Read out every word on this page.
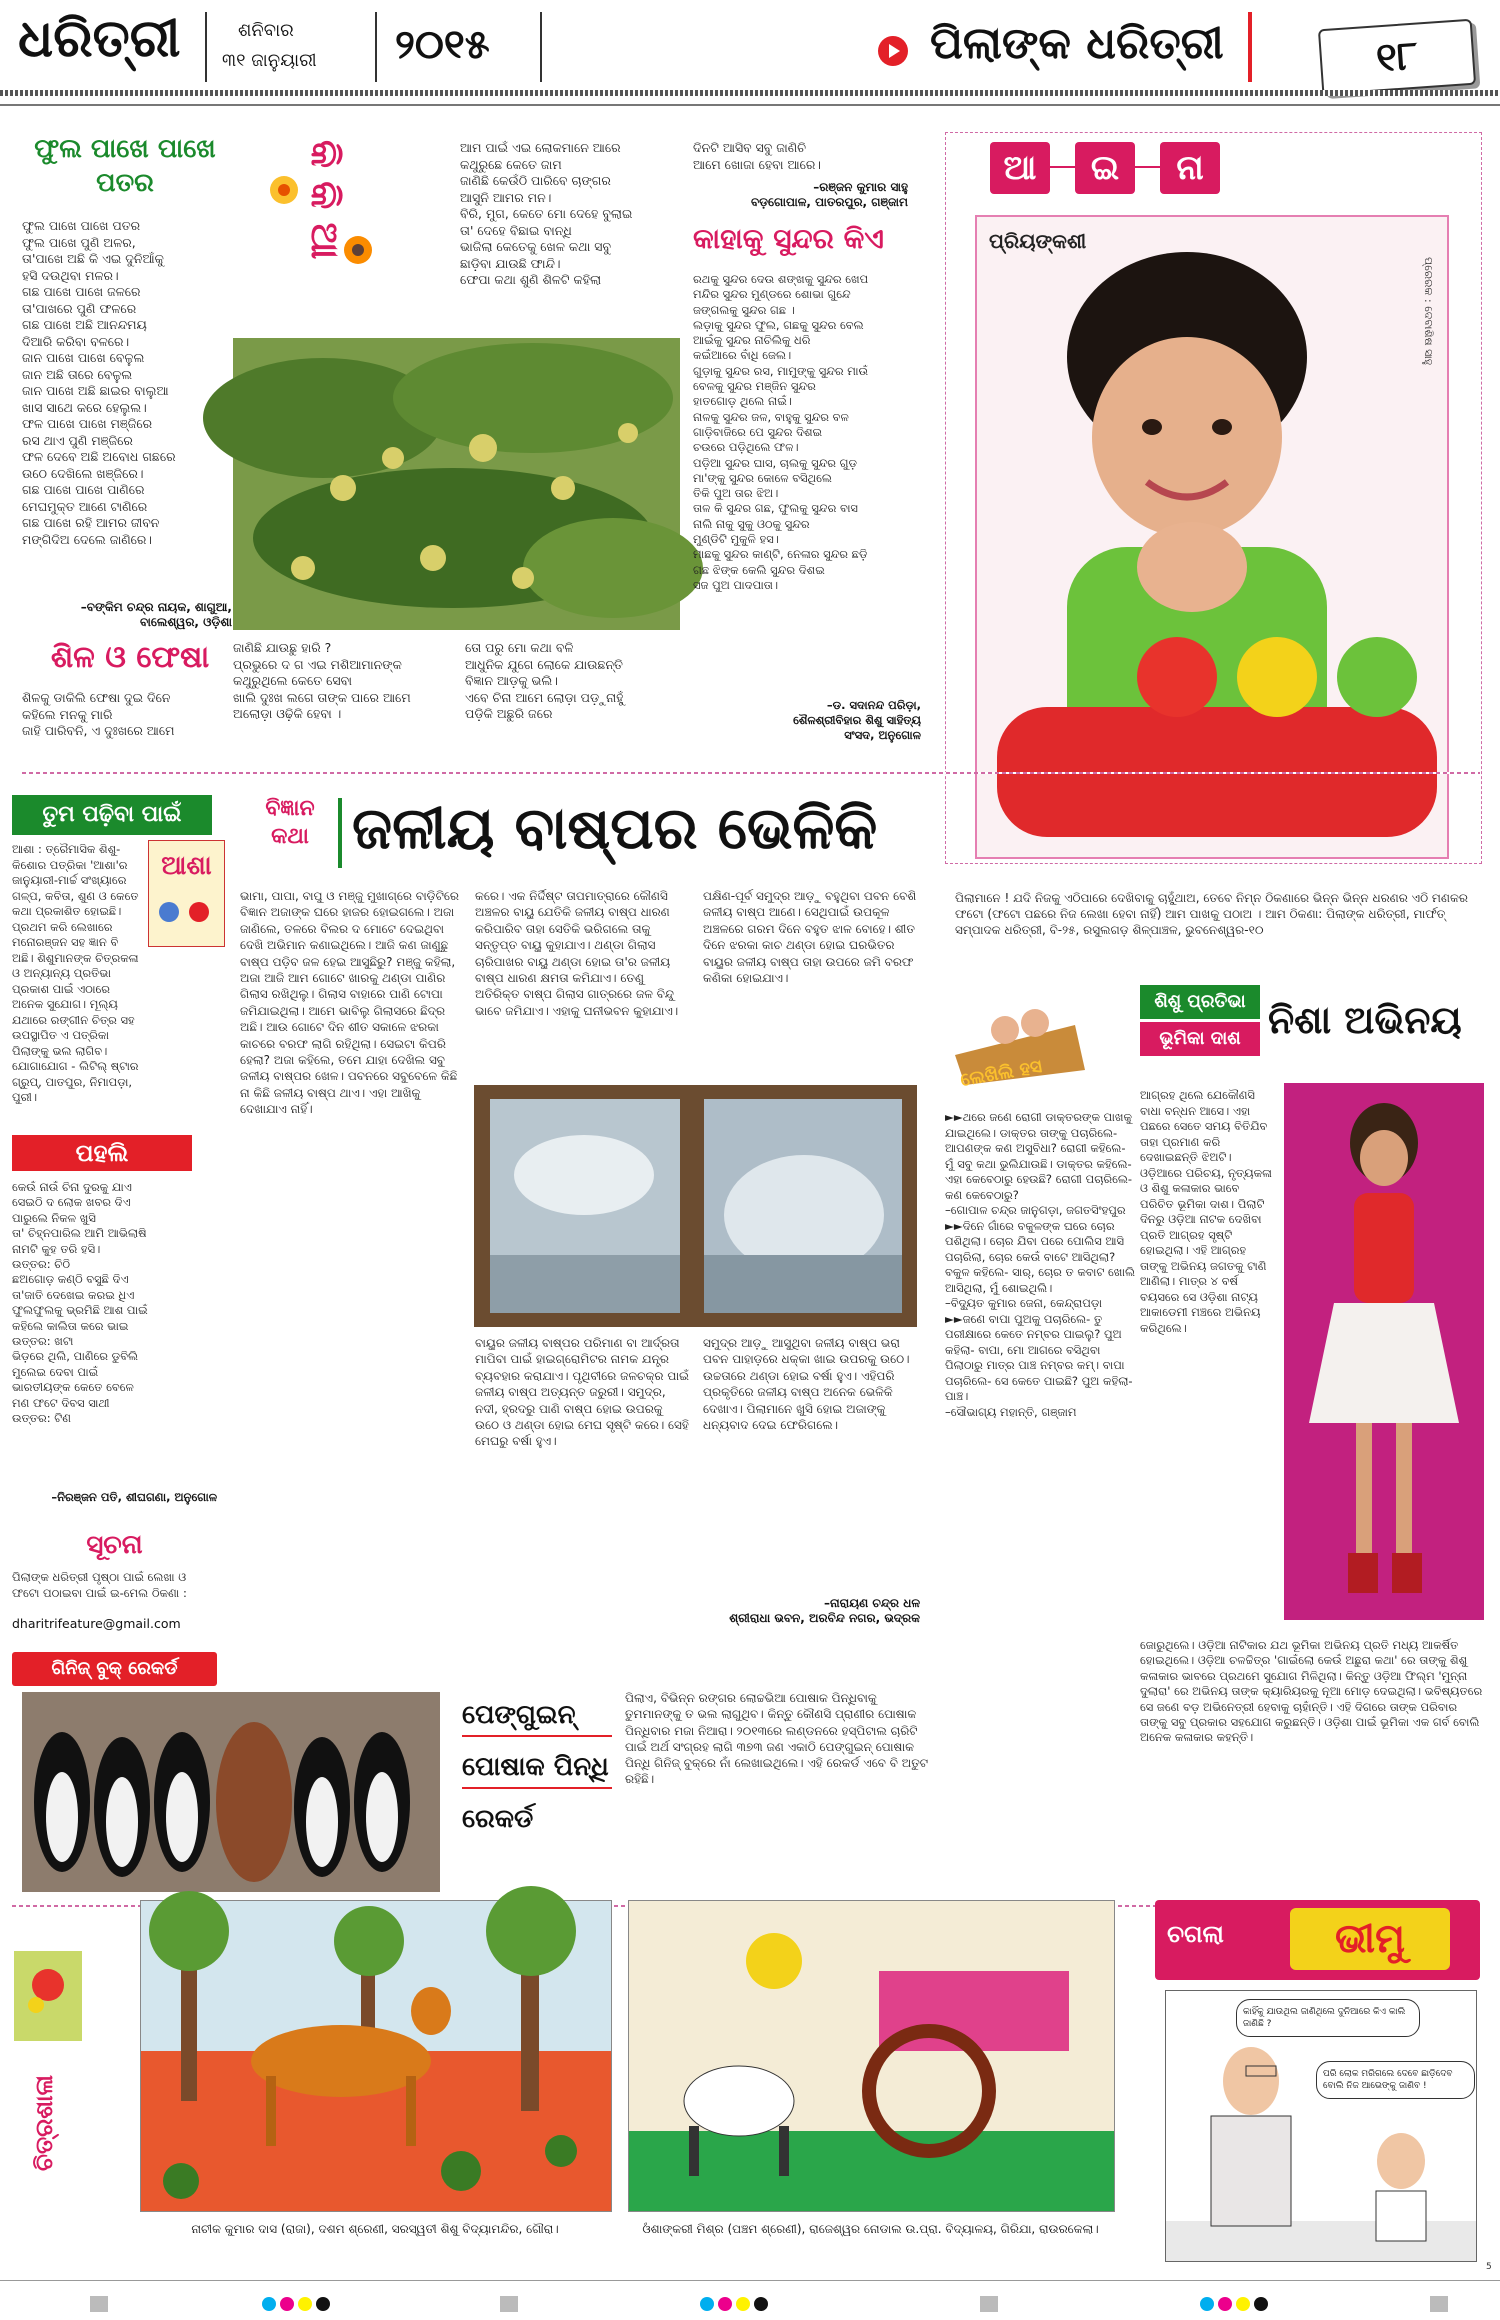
ଧରିତ୍ରୀ	ଶନିବାର
୩୧ ଜାନୁୟାରୀ ୨୦୧୫	ପିଲାଙ୍କ ଧରିତ୍ରୀ	୧୮
ଫୁଲ ପାଖେ ପାଖେ ପତର
ଫୁଲ ପାଖେ ପାଖେ ପତର
ଫୁଲ ପାଖେ ପୁଣି ଅଳର,
ତା'ପାଖେ ଅଛି କି ଏଇ ଦୁନିଆଁକୁ
ହସି ଦଉଥିବା ମଳର।
ଗଛ ପାଖେ ପାଖେ ଜଳରେ
ତା'ପାଖରେ ପୁଣି ଫଳରେ
ଗଛ ପାଖେ ଅଛି ଆନନ୍ଦମୟ
ଦିଆରି କରିବା ବଳରେ।
ଜାନ ପାଖେ ପାଖେ ବେଳୁଲ
ଜାନ ଅଛି ତାରେ ବେଳୁଲ
ଜାନ ପାଖେ ଅଛି ଛାଇର ବାଲୁଆ
ଖାସ ସାଥେ କରେ ହେଲୁଲ।
ଫଳ ପାଖେ ପାଖେ ମଞ୍ଜିରେ
ରସ ଥାଏ ପୁଣି ମଞ୍ଜିରେ
ଫଳ ଦେବେ ଅଛି ଅବୋଧ ଗଛରେ
ଉଠେ ଦେଖିଲେ ଖଞ୍ଜିରେ।
ଗଛ ପାଖେ ପାଖେ ପାଣିରେ
ମେଘମୁକ୍ତ ଆଣେ ଟାଣିରେ
ଗଛ ପାଖେ ରହି ଆମର ଜୀବନ
ମଙ୍ଗିଦିଅ ଦେଲେ ଜାଣିରେ।
–ବଙ୍କିମ ଚନ୍ଦ୍ର ନାୟକ, ଶାଗୁଆ,
ବାଲେଶ୍ୱର, ଓଡ଼ିଶା
କି କି ଆ	ଆମ ପାଇଁ ଏଇ ଲୋକମାନେ ଆରେ
କଥୁରୁଛେ କେତେ ଜାମ
ଜାଣିଛି କେଉଁଠି ପାରିବେ ଚାଙ୍ଗର
ଆସୁନି ଆମର ମନ।
ବିରି, ମୁଗ, କେତେ ମୋ ଦେହେ ବୁଲାଇ
ତା' ଦେହେ ବିଛାଇ ବାନ୍ଧି
ଭାଜିଲା କେତେକୁ ଖେଳ କଥା ସବୁ
ଛାଡ଼ିବା ଯାଉଛି ଫାନ୍ଦି।
ଫେପା କଥା ଶୁଣି ଶିଳଟି କହିଲା
ଦିନଟି ଆସିବ ସବୁ ଜାଣିଚି
ଆମେ ଖୋଜା ହେବା ଆରେ।
–ରଞ୍ଜନ କୁମାର ସାହୁ
ବଡ଼ଗୋପାଳ, ପାତରପୁର, ଗଞ୍ଜାମ
କାହାକୁ ସୁନ୍ଦର କିଏ
ରଥକୁ ସୁନ୍ଦର ଦେଉ ଶଙ୍ଖକୁ ସୁନ୍ଦର ଖେପ
ମନ୍ଦିର ସୁନ୍ଦର ମୁଣ୍ଡରେ ଶୋଭା ଗୁନ୍ଦେ
ଜଙ୍ଗଲକୁ ସୁନ୍ଦର ଗଛ ।
ଲଡ଼ାକୁ ସୁନ୍ଦର ଫୁଲ, ଗଛକୁ ସୁନ୍ଦର ବେଲ
ଆଇଁକୁ ସୁନ୍ଦର ନାଚିଲିକୁ ଧରି
କଇଁଆରେ ବାଁଧି ଜେଲ।
ଗୁଡ଼ାକୁ ସୁନ୍ଦର ରସ, ମାମୁଙ୍କୁ ସୁନ୍ଦର ମାଉଁ
ବେଳକୁ ସୁନ୍ଦର ମଞ୍ଜିନ ସୁନ୍ଦର
ହାତଗୋଡ଼ ଥିଲେ ନାଇଁ।
ନାଳକୁ ସୁନ୍ଦର ଜଳ, ବାହୁକୁ ସୁନ୍ଦର ବଳ
ଗାଡ଼ିବାଜିରେ ପେ ସୁନ୍ଦର ଦିଶଇ
ଚଉରେ ପଡ଼ିଥିଲେ ଫଳ।
ପଡ଼ିଆ ସୁନ୍ଦର ଘାସ, ଚାଲକୁ ସୁନ୍ଦର ଗୁଡ଼
ମା'ଙ୍କୁ ସୁନ୍ଦର କୋଳେ ବସିଥିଲେ
ତିକି ପୁଅ ତାର ଝିଅ।
ତାଳ କି ସୁନ୍ଦର ଗଛ, ଫୁଲକୁ ସୁନ୍ଦର ବାସ
ନାଲି ନାକୁ ସୁକୁ ଓଠକୁ ସୁନ୍ଦର
ମୁଣ୍ଡିଟି ମୁକୁଳି ହସ।
ମାଛକୁ ସୁନ୍ଦର କାଣ୍ଟି, ନେଳାର ସୁନ୍ଦର ଛଡ଼ି
ଗଛ ଝିଙ୍କ କେଲି ସୁନ୍ଦର ଦିଶଇ
ସଜ ପୁଅ ପାଦପାତା।
–ଡ. ସଦାନନ୍ଦ ପରିଡ଼ା,
ଶୈଳଶ୍ରୀବିହାର ଶିଶୁ ସାହିତ୍ୟ
ସଂସଦ, ଅନୁଗୋଳ
ଶିଳ ଓ ଫେଷା
ଶିଳକୁ ଡାକିଲି ଫେଷା ଦୁଇ ଦିନେ
କହିଲେ ମନକୁ ମାରି
ଜାହି ପାରିବନି, ଏ ଦୁଃଖରେ ଆମେ
ଜାଣିଛି ଯାଉଛୁ ହାରି ?
ପ୍ରଭୁରେ ଦ ଗ ଏଇ ମଶିଆମାନଙ୍କ
କଥୁରୁଥିଲେ କେତେ ସେବା
ଖାଲି ଦୁଃଖ ଲଗେ ତାଙ୍କ ପାରେ ଆମେ
ଅଲୋଡ଼ା ଓଢ଼ିକି ହେବା ।
ତୋ ପରୁ ମୋ କଥା ବଳି
ଆଧୁନିକ ଯୁଗେ ଲୋକେ ଯାଉଛନ୍ତି
ବିଜ୍ଞାନ ଆଡ଼କୁ ଭଲି।
ଏବେ ଚିନା ଆମେ ଲୋଡ଼ା ପଡ଼ୁନାହୁଁ
ପଡ଼ିକି ଅଛୁରି ଜରେ
ଆ	ଇ	ନା
ପ୍ରିୟଙ୍କଶୀ
ପ୍ରେରକ : ଦେବାଶିଷ ସାହୁ
ପିଲାମାନେ ! ଯଦି ନିଜକୁ ଏଠିପାରେ ଦେଖିବାକୁ ଚାହୁଁଥାଅ, ତେବେ ନିମ୍ନ ଠିକଣାରେ ଭିନ୍ନ ଭିନ୍ନ ଧରଣର ଏଠି ମଣକର ଫଟୋ (ଫଟୋ ପଛରେ ନିଜ ଲେଖା ହେବା ନାହିଁ) ଆମ ପାଖକୁ ପଠାଅ । ଆମ ଠିକଣା: ପିଲାଙ୍କ ଧରିତ୍ରୀ, ମାର୍ଫତ୍ ସମ୍ପାଦକ ଧରିତ୍ରୀ, ବି-୨୫, ରସୁଲଗଡ଼ ଶିଳ୍ପାଞ୍ଚଳ, ଭୁବନେଶ୍ୱର-୧୦
ତୁମ ପଢ଼ିବା ପାଇଁ
ଆଶା
ଆଶା : ତ୍ରୈମାସିକ ଶିଶୁ-କିଶୋର ପତ୍ରିକା 'ଆଶା'ର ଜାନୁୟାରୀ-ମାର୍ଚ୍ଚ ସଂଖ୍ୟାରେ ଗଳ୍ପ, କବିତା, ଶୁଣ ଓ କେତେ କଥା ପ୍ରକାଶିତ ହୋଇଛି। ପ୍ରଥମ କରି ଲେଖାରେ ମନୋରଞ୍ଜନ ସହ ଜ୍ଞାନ ବି ଅଛି। ଶିଶୁମାନଙ୍କ ଚିତ୍ରକଳା ଓ ଅନ୍ୟାନ୍ୟ ପ୍ରତିଭା ପ୍ରକାଶ ପାଇଁ ଏଠାରେ ଅନେକ ସୁଯୋଗ। ମୂଲ୍ୟ ଯଥାରେ ରଙ୍ଗୀନ ଚିତ୍ର ସହ ଉପସ୍ଥାପିତ ଏ ପତ୍ରିକା ପିଲାଙ୍କୁ ଭଲ ଲାଗିବ। ଯୋଗାଯୋଗ - ଲିଟିଲ୍ ଷ୍ଟାର ଗ୍ରୁପ୍, ପାତପୁର, ନିମାପଡ଼ା, ପୁରୀ।
ପହଲି
କେଉଁ ନାଉଁ ଚିନା ଦୁରକୁ ଯାଏ
ସେଇଠି ଦ ଲୋକ ଖବର ଦିଏ
ପାରୁଲେ ନିକଳ ଖୁସି
ତା' ଚିହ୍ନପାରିଲ ଆମି ଆଭିଲାଷି
ନାମଟି କୁହ ତରି ହସି।
ଉତ୍ତର: ଚିଠି
ଛଅଗୋଡ଼ କଣ୍ଠି ବସୁଛି ଦିଏ
ତା'ଜାତି ଦେଖେଇ କରଇ ଧିଏ
ଫୁଲଫୁଲକୁ ଭ୍ରମିଛି ଆଶ ପାଇଁ
କହିଲେ କାଲିତା କରେ ଭାଇ
ଉତ୍ତର: ଖଟା
ଭିଡ଼ରେ ଥିଲି, ପାଣିରେ ଡୁବିଲି
ମୁଲେଇ ଦେବା ପାଇଁ
ଭାରତୀୟଙ୍କ କେତେ ବେଳେ
ମଣ ଫଟେ ଦିବସ ସାଥୀ
ଉତ୍ତର: ଟିଣ
–ନିରଞ୍ଜନ ପତି, ଶୀଘଗଣା, ଅନୁଗୋଳ
ସୂଚନା
ପିଲାଙ୍କ ଧରିତ୍ରୀ ପୃଷ୍ଠା ପାଇଁ ଲେଖା ଓ ଫଟୋ ପଠାଇବା ପାଇଁ ଇ-ମେଲ ଠିକଣା :
dharitrifeature@gmail.com
ବିଜ୍ଞାନ କଥା ଜଳୀୟ ବାଷ୍ପର ଭେଳିକି
ଭାମା, ପାପା, ବାପୁ ଓ ମଞ୍ଜୁ ମୁଖାଗ୍ରେ ବାଡ଼ିଟିରେ ବିଜ୍ଞାନ ଅଜାଙ୍କ ଘରେ ହାଜର ହୋଇଗଲେ। ଅଜା ଜାଣିଲେ, ତଳରେ ବିଲର ଦ ମୋଟେ ଦେଇଥିବା ଦେଖି ଅଭିମାନ କଣାଇଥିଲେ। ଆଜି କଣ ଜାଣୁଛୁ ବାଷ୍ପ ପଡ଼ିବ ଜଳ ହେଇ ଆସୁଛିରୁ? ମଞ୍ଜୁ କହିଲା, ଅଜା ଆଜି ଆମ ଗୋଟେ ଖାରକୁ ଥଣ୍ଡା ପାଣିର ଗିଲାସ ରଖିଥିଲୁ। ଗିଲାସ ବାହାରେ ପାଣି ଟୋପା ଜମିଯାଇଥିଲା। ଆମେ ଭାବିଲୁ ଗିଲାସରେ ଛିଦ୍ର ଅଛି। ଆଉ ଗୋଟେ ଦିନ ଶୀତ ସକାଳେ ଝରକା କାଚରେ ବରଫ ଲାଗି ରହିଥିଲା। ସେଇଟା କିପରି ହେଲା? ଅଜା କହିଲେ, ତମେ ଯାହା ଦେଖିଲ ସବୁ ଜଳୀୟ ବାଷ୍ପର ଖେଳ। ପବନରେ ସବୁବେଳେ କିଛି ନା କିଛି ଜଳୀୟ ବାଷ୍ପ ଥାଏ। ଏହା ଆଖିକୁ ଦେଖାଯାଏ ନାହିଁ।
କରେ। ଏକ ନିର୍ଦ୍ଦିଷ୍ଟ ତାପମାତ୍ରାରେ କୌଣସି ଅଞ୍ଚଳର ବାୟୁ ଯେତିକି ଜଳୀୟ ବାଷ୍ପ ଧାରଣ କରିପାରିବ ତାହା ସେତିକି ଭରିଗଲେ ତାକୁ ସନ୍ତୃପ୍ତ ବାୟୁ କୁହାଯାଏ। ଥଣ୍ଡା ଗିଲାସ ଚାରିପାଖର ବାୟୁ ଥଣ୍ଡା ହୋଇ ତା'ର ଜଳୀୟ ବାଷ୍ପ ଧାରଣ କ୍ଷମତା କମିଯାଏ। ତେଣୁ ଅତିରିକ୍ତ ବାଷ୍ପ ଗିଲାସ ଗାତ୍ରରେ ଜଳ ବିନ୍ଦୁ ଭାବେ ଜମିଯାଏ। ଏହାକୁ ଘନୀଭବନ କୁହାଯାଏ।
ପକ୍ଷିଣ-ପୂର୍ବ ସମୁଦ୍ର ଆଡ଼ୁ ବହୁଥିବା ପବନ ବେଶି ଜଳୀୟ ବାଷ୍ପ ଆଣେ। ସେଥିପାଇଁ ଉପକୂଳ ଅଞ୍ଚଳରେ ଗରମ ଦିନେ ବହୁତ ଝାଳ ବୋହେ। ଶୀତ ଦିନେ ଝରକା କାଚ ଥଣ୍ଡା ହୋଇ ଘରଭିତର ବାୟୁର ଜଳୀୟ ବାଷ୍ପ ତାହା ଉପରେ ଜମି ବରଫ କଣିକା ହୋଇଯାଏ।
ବାୟୁର ଜଳୀୟ ବାଷ୍ପର ପରିମାଣ ବା ଆର୍ଦ୍ରତା ମାପିବା ପାଇଁ ହାଇଗ୍ରୋମିଟର ନାମକ ଯନ୍ତ୍ର ବ୍ୟବହାର କରାଯାଏ। ପୃଥିବୀରେ ଜଳଚକ୍ର ପାଇଁ ଜଳୀୟ ବାଷ୍ପ ଅତ୍ୟନ୍ତ ଜରୁରୀ। ସମୁଦ୍ର, ନଦୀ, ହ୍ରଦରୁ ପାଣି ବାଷ୍ପ ହୋଇ ଉପରକୁ ଉଠେ ଓ ଥଣ୍ଡା ହୋଇ ମେଘ ସୃଷ୍ଟି କରେ। ସେହି ମେଘରୁ ବର୍ଷା ହୁଏ।
ସମୁଦ୍ର ଆଡ଼ୁ ଆସୁଥିବା ଜଳୀୟ ବାଷ୍ପ ଭରା ପବନ ପାହାଡ଼ରେ ଧକ୍କା ଖାଇ ଉପରକୁ ଉଠେ। ଉଚ୍ଚତାରେ ଥଣ୍ଡା ହୋଇ ବର୍ଷା ହୁଏ। ଏହିପରି ପ୍ରକୃତିରେ ଜଳୀୟ ବାଷ୍ପ ଅନେକ ଭେଳିକି ଦେଖାଏ। ପିଲାମାନେ ଖୁସି ହୋଇ ଅଜାଙ୍କୁ ଧନ୍ୟବାଦ ଦେଇ ଫେରିଗଲେ।
–ନାରାୟଣ ଚନ୍ଦ୍ର ଧଳ
ଶ୍ରୀରାଧା ଭବନ, ଅରବିନ୍ଦ ନଗର, ଭଦ୍ରକ
ଲେଖିଲି ହସ
►►ଥରେ ଜଣେ ରୋଗୀ ଡାକ୍ତରଙ୍କ ପାଖକୁ ଯାଇଥିଲେ। ଡାକ୍ତର ତାଙ୍କୁ ପଚାରିଲେ- ଆପଣଙ୍କ କଣ ଅସୁବିଧା? ରୋଗୀ କହିଲେ- ମୁଁ ସବୁ କଥା ଭୁଲିଯାଉଛି। ଡାକ୍ତର କହିଲେ- ଏହା କେବେଠାରୁ ହେଉଛି? ରୋଗୀ ପଚାରିଲେ- କଣ କେବେଠାରୁ?
–ଗୋପାଳ ଚନ୍ଦ୍ର ଜାନୁଗଡ଼ା, ଜଗତସିଂହପୁର
►►ଦିନେ ଗାଁରେ ବକୁଳଙ୍କ ଘରେ ଚୋର ପଶିଥିଲା। ଚୋର ଯିବା ପରେ ପୋଲିସ ଆସି ପଚାରିଲା, ଚୋର କେଉଁ ବାଟେ ଆସିଥିଲା? ବକୁଳ କହିଲେ- ସାର୍, ଚୋର ତ କବାଟ ଖୋଲି ଆସିଥିଲା, ମୁଁ ଶୋଇଥିଲି।
–ବିଦ୍ୟୁତ କୁମାର ଜେନା, କେନ୍ଦ୍ରାପଡ଼ା
►►ଜଣେ ବାପା ପୁଅକୁ ପଚାରିଲେ- ତୁ ପରୀକ୍ଷାରେ କେତେ ନମ୍ବର ପାଇଲୁ? ପୁଅ କହିଲା- ବାପା, ମୋ ଆଗରେ ବସିଥିବା ପିଲାଠାରୁ ମାତ୍ର ପାଞ୍ଚ ନମ୍ବର କମ୍। ବାପା ପଚାରିଲେ- ସେ କେତେ ପାଇଛି? ପୁଅ କହିଲା- ପାଞ୍ଚ।
–ସୌଭାଗ୍ୟ ମହାନ୍ତି, ଗଞ୍ଜାମ
ଶିଶୁ ପ୍ରତିଭା
ଭୂମିକା ଦାଶ ନିଶା ଅଭିନୟ
ଆଗ୍ରହ ଥିଲେ ଯେକୌଣସି ବାଧା ବନ୍ଧନ ଆସେ। ଏହା ପଛରେ ସେତେ ସମୟ ବିତିଯିବ ତାହା ପ୍ରମାଣ କରି ଦେଖାଇଛନ୍ତି ଝିଅଟି। ଓଡ଼ିଆରେ ପରିଚୟ, ନୃତ୍ୟକଳା ଓ ଶିଶୁ କଳାକାର ଭାବେ ପରିଚିତ ଭୂମିକା ଦାଶ। ପିଲାଟି ଦିନରୁ ଓଡ଼ିଆ ନାଟକ ଦେଖିବା ପ୍ରତି ଆଗ୍ରହ ସୃଷ୍ଟି ହୋଇଥିଲା। ଏହି ଆଗ୍ରହ ତାଙ୍କୁ ଅଭିନୟ ଜଗତକୁ ଟାଣି ଆଣିଲା। ମାତ୍ର ୪ ବର୍ଷ ବୟସରେ ସେ ଓଡ଼ିଶା ନାଟ୍ୟ ଆକାଡେମୀ ମଞ୍ଚରେ ଅଭିନୟ କରିଥିଲେ।
ଜୋରୁଥିଲେ। ଓଡ଼ିଆ ନାଟିକାର ଯଥ ଭୂମିକା ଅଭିନୟ ପ୍ରତି ମଧ୍ୟ ଆକର୍ଷିତ ହୋଇଥିଲେ। ଓଡ଼ିଆ ଚଳଚ୍ଚିତ୍ର 'ଗାଇଁଲୋ କେଉଁ ଅଛୁରା କଥା' ରେ ତାଙ୍କୁ ଶିଶୁ କଳାକାର ଭାବରେ ପ୍ରଥମେ ସୁଯୋଗ ମିଳିଥିଲା। କିନ୍ତୁ ଓଡ଼ିଆ ଫିଲ୍ମ 'ମୁନ୍ନା ଦୁଲାରା' ରେ ଅଭିନୟ ତାଙ୍କ କ୍ୟାରିୟରକୁ ନୂଆ ମୋଡ଼ ଦେଇଥିଲା। ଭବିଷ୍ୟତରେ ସେ ଜଣେ ବଡ଼ ଅଭିନେତ୍ରୀ ହେବାକୁ ଚାହାଁନ୍ତି। ଏହି ଦିଗରେ ତାଙ୍କ ପରିବାର ତାଙ୍କୁ ସବୁ ପ୍ରକାର ସହଯୋଗ କରୁଛନ୍ତି। ଓଡ଼ିଶା ପାଇଁ ଭୂମିକା ଏକ ଗର୍ବ ବୋଲି ଅନେକ କଳାକାର କହନ୍ତି।
ଗିନିଜ୍ ବୁକ୍ ରେକର୍ଡ
ପେଙ୍ଗୁଇନ୍
ପୋଷାକ ପିନ୍ଧି
ରେକର୍ଡ
ପିଲାଏ, ବିଭିନ୍ନ ରଙ୍ଗର ଲୋଚ୍ଚଭିଆ ପୋଷାକ ପିନ୍ଧିବାକୁ ତୁମମାନଙ୍କୁ ତ ଭଲ ଲାଗୁଥିବ। କିନ୍ତୁ କୌଣସି ପ୍ରାଣୀର ପୋଷାକ ପିନ୍ଧିବାର ମଜା ନିଆରା। ୨୦୧୩ରେ ଲଣ୍ଡନରେ ହସ୍ପିଟାଲ ଚାରିଟି ପାଇଁ ଅର୍ଥ ସଂଗ୍ରହ ଲାଗି ୩୭୩ ଜଣ ଏକାଠି ପେଙ୍ଗୁଇନ୍ ପୋଷାକ ପିନ୍ଧି ଗିନିଜ୍ ବୁକ୍ରେ ନାଁ ଲେଖାଇଥିଲେ। ଏହି ରେକର୍ଡ ଏବେ ବି ଅତୁଟ ରହିଛି।
ଚିତ୍ରଶାଳା
ନାଚୀକ କୁମାର ଦାସ (ରାଜା), ଦଶମ ଶ୍ରେଣୀ, ସରସ୍ୱତୀ ଶିଶୁ ବିଦ୍ୟାମନ୍ଦିର, ଗୌରା।	ଓଁଶାଙ୍କରୀ ମିଶ୍ର (ପଞ୍ଚମ ଶ୍ରେଣୀ), ରାଜେଶ୍ୱର ନୋଡାଲ ଉ.ପ୍ରା. ବିଦ୍ୟାଳୟ, ଗିରିଯା, ରାଉରକେଲା।
ଚଗଲା	ଭୀମୁ
କାହିଁକୁ ଯାଉଥିଲ ଜାଣିଥିଲେ ଦୁନିଆରେ କିଏ କାଲି ଜାଣିଛି ?
ପରି ଲୋକ ମରିଗଲେ ଦେବେ ଛାଡ଼ିଦେବ ବୋଲି ନିଜ ଆଭେଙ୍କୁ ଜାଣିବ !
5
